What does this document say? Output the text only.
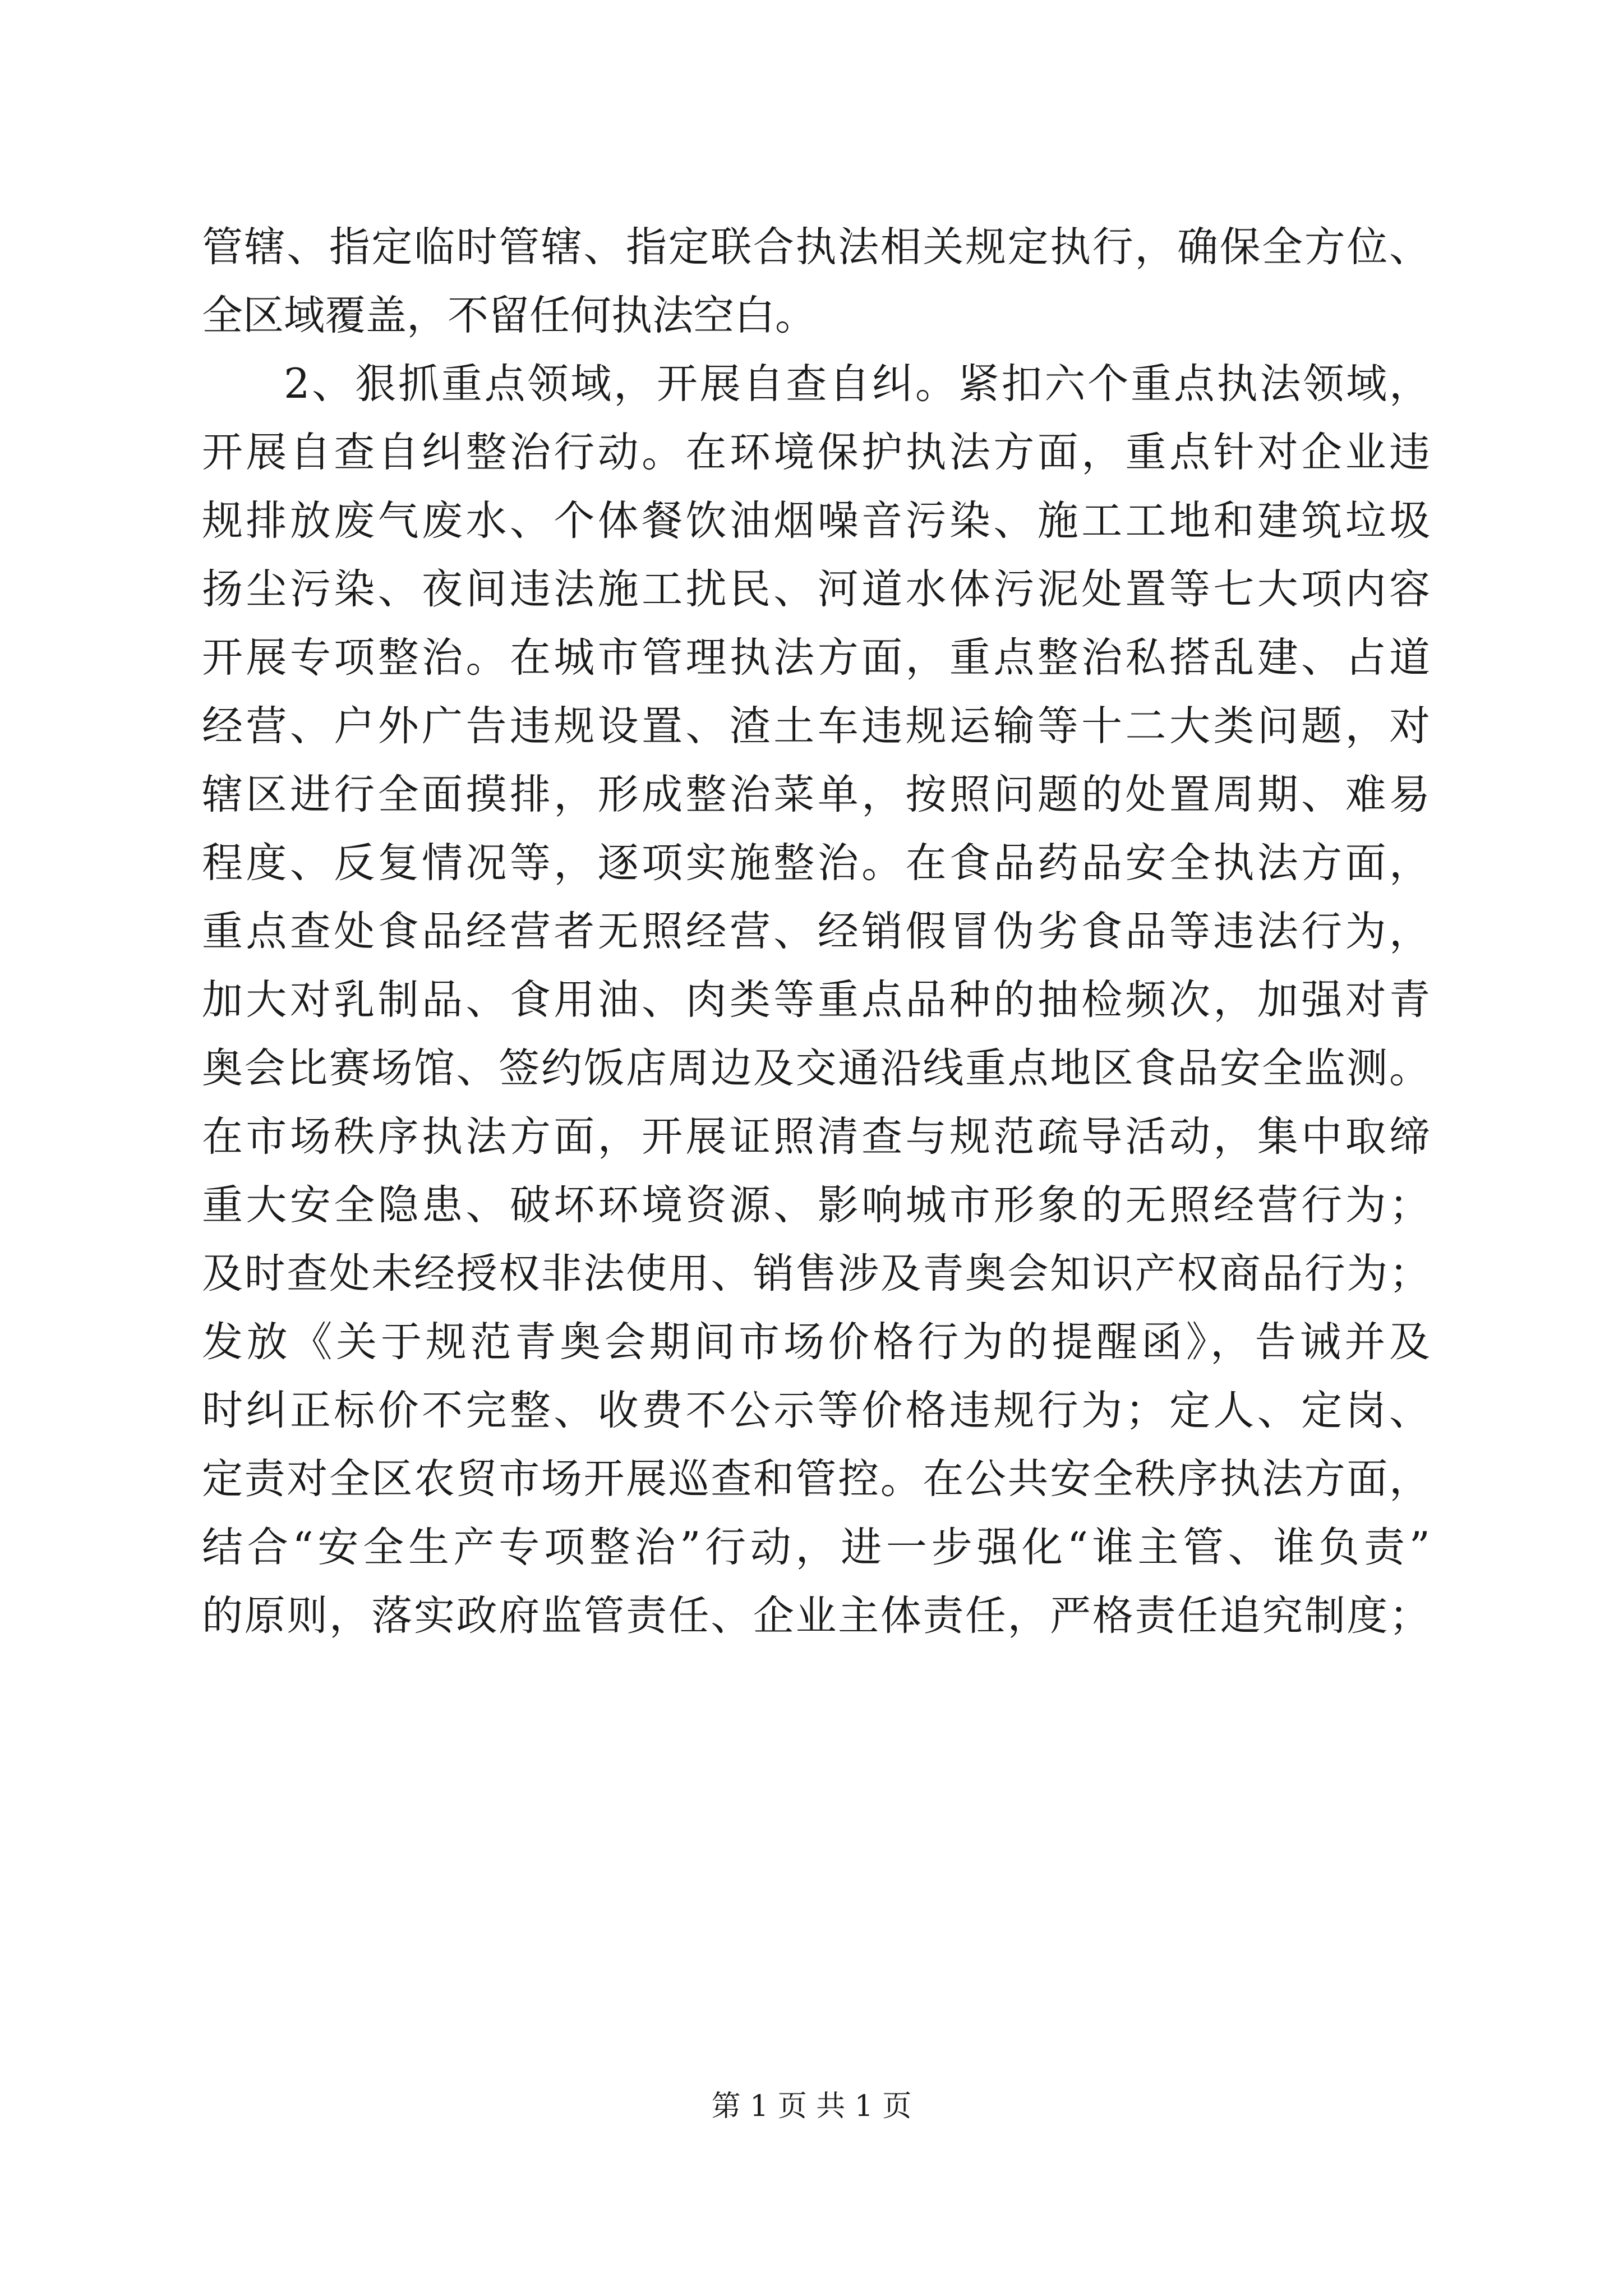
管辖、指定临时管辖、指定联合执法相关规定执行，确保全方位、
全区域覆盖，不留任何执法空白。
2、狠抓重点领域，开展自查自纠。紧扣六个重点执法领域，
开展自查自纠整治行动。在环境保护执法方面，重点针对企业违
规排放废气废水、个体餐饮油烟噪音污染、施工工地和建筑垃圾
扬尘污染、夜间违法施工扰民、河道水体污泥处置等七大项内容
开展专项整治。在城市管理执法方面，重点整治私搭乱建、占道
经营、户外广告违规设置、渣土车违规运输等十二大类问题，对
辖区进行全面摸排，形成整治菜单，按照问题的处置周期、难易
程度、反复情况等，逐项实施整治。在食品药品安全执法方面，
重点查处食品经营者无照经营、经销假冒伪劣食品等违法行为，
加大对乳制品、食用油、肉类等重点品种的抽检频次，加强对青
奥会比赛场馆、签约饭店周边及交通沿线重点地区食品安全监测。
在市场秩序执法方面，开展证照清查与规范疏导活动，集中取缔
重大安全隐患、破坏环境资源、影响城市形象的无照经营行为；
及时查处未经授权非法使用、销售涉及青奥会知识产权商品行为；
发放《关于规范青奥会期间市场价格行为的提醒函》，告诫并及
时纠正标价不完整、收费不公示等价格违规行为；定人、定岗、
定责对全区农贸市场开展巡查和管控。在公共安全秩序执法方面，
结合“安全生产专项整治”行动，进一步强化“谁主管、谁负责”
的原则，落实政府监管责任、企业主体责任，严格责任追究制度；
第 1 页 共 1 页
